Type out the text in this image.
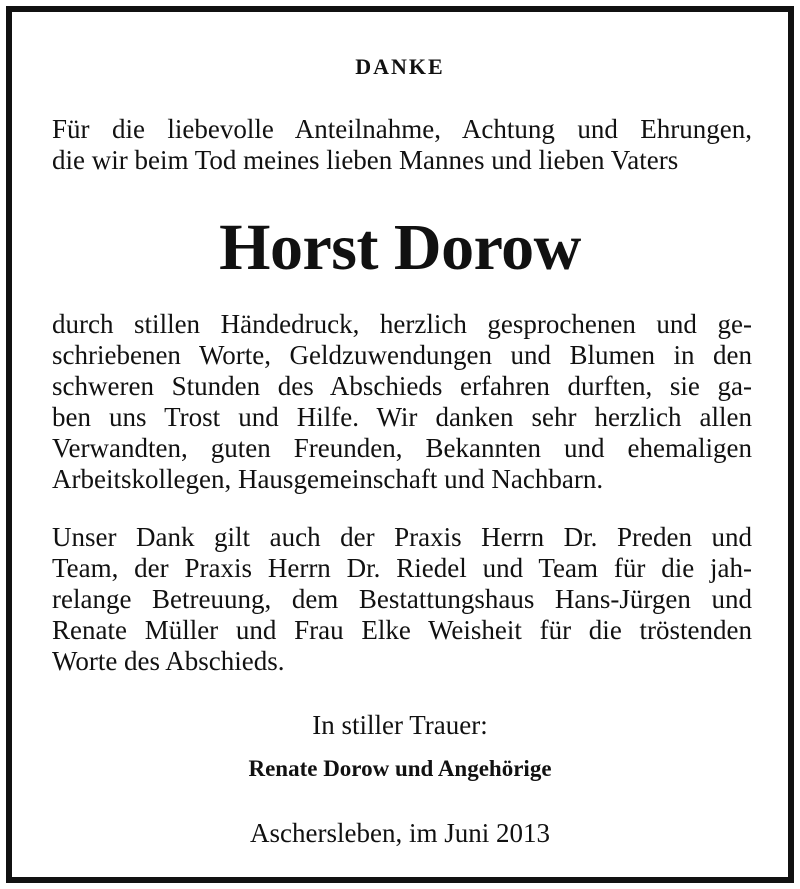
DANKE
Für die liebevolle Anteilnahme, Achtung und Ehrungen,
die wir beim Tod meines lieben Mannes und lieben Vaters
Horst Dorow
durch stillen Händedruck, herzlich gesprochenen und ge-
schriebenen Worte, Geldzuwendungen und Blumen in den
schweren Stunden des Abschieds erfahren durften, sie ga-
ben uns Trost und Hilfe. Wir danken sehr herzlich allen
Verwandten, guten Freunden, Bekannten und ehemaligen
Arbeitskollegen, Hausgemeinschaft und Nachbarn.
Unser Dank gilt auch der Praxis Herrn Dr. Preden und
Team, der Praxis Herrn Dr. Riedel und Team für die jah-
relange Betreuung, dem Bestattungshaus Hans-Jürgen und
Renate Müller und Frau Elke Weisheit für die tröstenden
Worte des Abschieds.
In stiller Trauer:
Renate Dorow und Angehörige
Aschersleben, im Juni 2013
